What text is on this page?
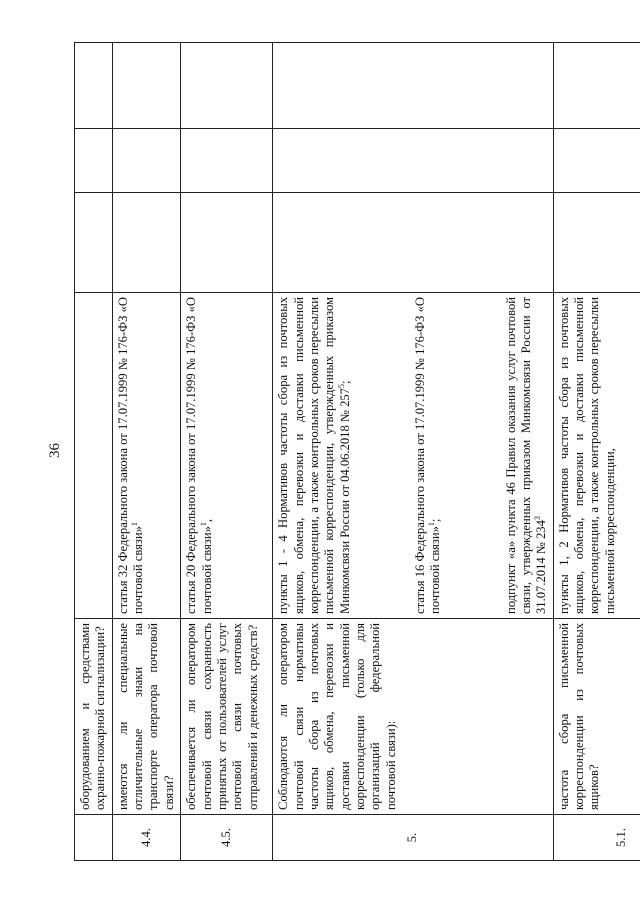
36
	оборудованием и средствами охранно-пожарной сигнализации?				
4.4.	имеются ли специальные отличительные знаки на транспорте оператора почтовой связи?	статья 32 Федерального закона от 17.07.1999 № 176-ФЗ «О почтовой связи»$^1$

4.5.	обеспечивается ли оператором почтовой связи сохранность принятых от пользователей услуг почтовой связи почтовых отправлений и денежных средств?	статья 20 Федерального закона от 17.07.1999 № 176-ФЗ «О почтовой связи»$^1$,			

5.	Соблюдаются ли оператором почтовой связи нормативы частоты сбора из почтовых ящиков, обмена, перевозки и доставки письменной корреспонденции (только для организаций федеральной почтовой связи):	пункты 1 - 4 Нормативов частоты сбора из почтовых ящиков, обмена, перевозки и доставки письменной корреспонденции, а также контрольных сроков пересылки письменной корреспонденции, утвержденных приказом Минкомсвязи России от 04.06.2018 № $257^5$; статья 16 Федерального закона от 17.07.1999 № 176-ФЗ «О почтовой связи»$^1$; подпункт «а» пункта 46 Правил оказания услуг почтовой связи, утвержденных приказом Минкомсвязи России от 31.07.2014 № $234^3$

5.1.	частота сбора письменной корреспонденции из почтовых ящиков?	пункты 1, 2 Нормативов частоты сбора из почтовых ящиков, обмена, перевозки и доставки письменной корреспонденции, а также контрольных сроков пересылки письменной корреспонденции,			
